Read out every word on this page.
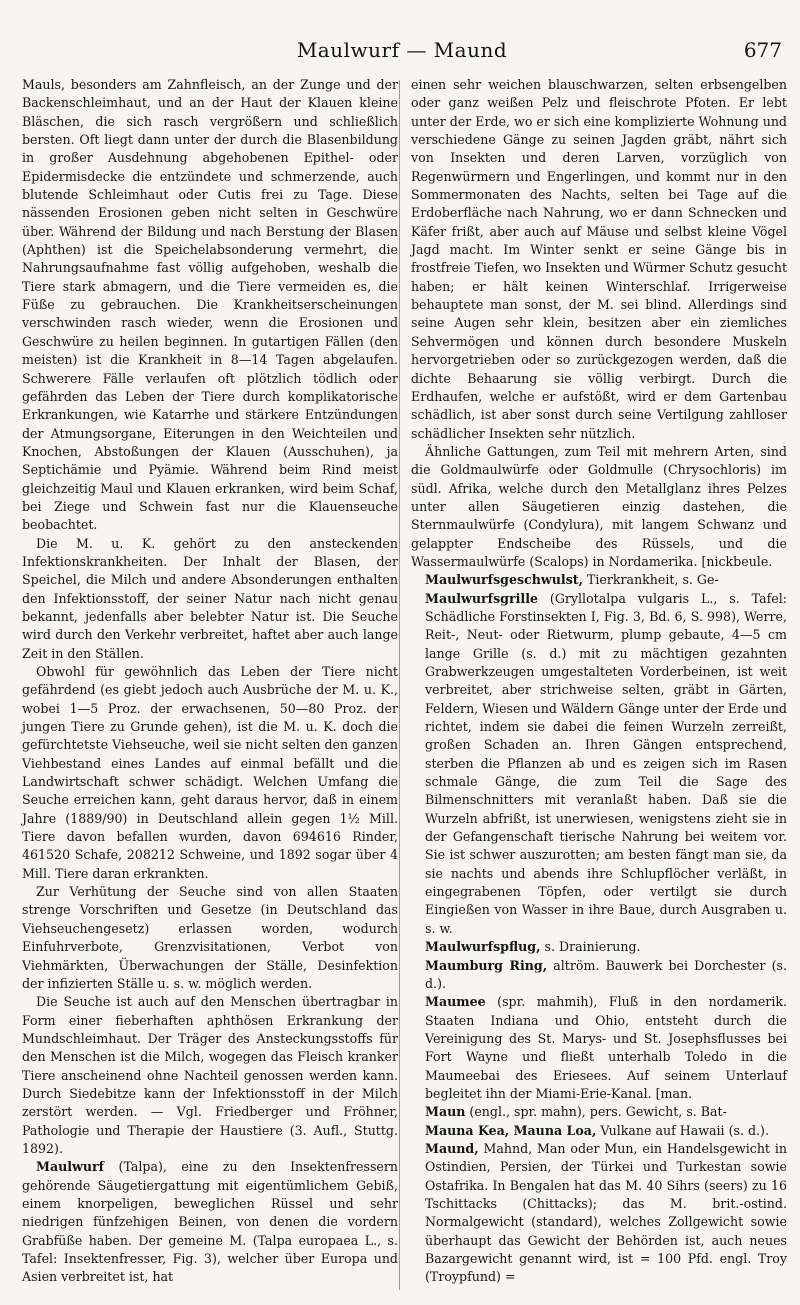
Maulwurf — Maund	677

Mauls, besonders am Zahnfleisch, an der Zunge und der Backenschleimhaut, und an der Haut der Klauen kleine Bläschen, die sich rasch vergrößern und schließlich bersten. Oft liegt dann unter der durch die Blasenbildung in großer Ausdehnung abgehobenen Epithel- oder Epidermisdecke die entzündete und schmerzende, auch blutende Schleimhaut oder Cutis frei zu Tage. Diese nässenden Erosionen geben nicht selten in Geschwüre über. Während der Bildung und nach Berstung der Blasen (Aphthen) ist die Speichelabsonderung vermehrt, die Nahrungsaufnahme fast völlig aufgehoben, weshalb die Tiere stark abmagern, und die Tiere vermeiden es, die Füße zu gebrauchen. Die Krankheitserscheinungen verschwinden rasch wieder, wenn die Erosionen und Geschwüre zu heilen beginnen. In gutartigen Fällen (den meisten) ist die Krankheit in 8—14 Tagen abgelaufen. Schwerere Fälle verlaufen oft plötzlich tödlich oder gefährden das Leben der Tiere durch komplikatorische Erkrankungen, wie Katarrhe und stärkere Entzündungen der Atmungsorgane, Eiterungen in den Weichteilen und Knochen, Abstoßungen der Klauen (Ausschuhen), ja Septichämie und Pyämie. Während beim Rind meist gleichzeitig Maul und Klauen erkranken, wird beim Schaf, bei Ziege und Schwein fast nur die Klauenseuche beobachtet.

Die M. u. K. gehört zu den ansteckenden Infektionskrankheiten. Der Inhalt der Blasen, der Speichel, die Milch und andere Absonderungen enthalten den Infektionsstoff, der seiner Natur nach nicht genau bekannt, jedenfalls aber belebter Natur ist. Die Seuche wird durch den Verkehr verbreitet, haftet aber auch lange Zeit in den Ställen.

Obwohl für gewöhnlich das Leben der Tiere nicht gefährdend (es giebt jedoch auch Ausbrüche der M. u. K., wobei 1—5 Proz. der erwachsenen, 50—80 Proz. der jungen Tiere zu Grunde gehen), ist die M. u. K. doch die gefürchtetste Viehseuche, weil sie nicht selten den ganzen Viehbestand eines Landes auf einmal befällt und die Landwirtschaft schwer schädigt. Welchen Umfang die Seuche erreichen kann, geht daraus hervor, daß in einem Jahre (1889/90) in Deutschland allein gegen 1½ Mill. Tiere davon befallen wurden, davon 694616 Rinder, 461520 Schafe, 208212 Schweine, und 1892 sogar über 4 Mill. Tiere daran erkrankten.

Zur Verhütung der Seuche sind von allen Staaten strenge Vorschriften und Gesetze (in Deutschland das Viehseuchengesetz) erlassen worden, wodurch Einfuhrverbote, Grenzvisitationen, Verbot von Viehmärkten, Überwachungen der Ställe, Desinfektion der infizierten Ställe u. s. w. möglich werden.

Die Seuche ist auch auf den Menschen übertragbar in Form einer fieberhaften aphthösen Erkrankung der Mundschleimhaut. Der Träger des Ansteckungsstoffs für den Menschen ist die Milch, wogegen das Fleisch kranker Tiere anscheinend ohne Nachteil genossen werden kann. Durch Siedebitze kann der Infektionsstoff in der Milch zerstört werden. — Vgl. Friedberger und Fröhner, Pathologie und Therapie der Haustiere (3. Aufl., Stuttg. 1892).

Maulwurf (Talpa), eine zu den Insektenfressern gehörende Säugetiergattung mit eigentümlichem Gebiß, einem knorpeligen, beweglichen Rüssel und sehr niedrigen fünfzehigen Beinen, von denen die vordern Grabfüße haben. Der gemeine M. (Talpa europaea L., s. Tafel: Insektenfresser, Fig. 3), welcher über Europa und Asien verbreitet ist, hat

einen sehr weichen blauschwarzen, selten erbsengelben oder ganz weißen Pelz und fleischrote Pfoten. Er lebt unter der Erde, wo er sich eine komplizierte Wohnung und verschiedene Gänge zu seinen Jagden gräbt, nährt sich von Insekten und deren Larven, vorzüglich von Regenwürmern und Engerlingen, und kommt nur in den Sommermonaten des Nachts, selten bei Tage auf die Erdoberfläche nach Nahrung, wo er dann Schnecken und Käfer frißt, aber auch auf Mäuse und selbst kleine Vögel Jagd macht. Im Winter senkt er seine Gänge bis in frostfreie Tiefen, wo Insekten und Würmer Schutz gesucht haben; er hält keinen Winterschlaf. Irrigerweise behauptete man sonst, der M. sei blind. Allerdings sind seine Augen sehr klein, besitzen aber ein ziemliches Sehvermögen und können durch besondere Muskeln hervorgetrieben oder so zurückgezogen werden, daß die dichte Behaarung sie völlig verbirgt. Durch die Erdhaufen, welche er aufstößt, wird er dem Gartenbau schädlich, ist aber sonst durch seine Vertilgung zahlloser schädlicher Insekten sehr nützlich.

Ähnliche Gattungen, zum Teil mit mehrern Arten, sind die Goldmaulwürfe oder Goldmulle (Chrysochloris) im südl. Afrika, welche durch den Metallglanz ihres Pelzes unter allen Säugetieren einzig dastehen, die Sternmaulwürfe (Condylura), mit langem Schwanz und gelappter Endscheibe des Rüssels, und die Wassermaulwürfe (Scalops) in Nordamerika. [nickbeule.

Maulwurfsgeschwulst, Tierkrankheit, s. Ge-

Maulwurfsgrille (Gryllotalpa vulgaris L., s. Tafel: Schädliche Forstinsekten I, Fig. 3, Bd. 6, S. 998), Werre, Reit-, Neut- oder Rietwurm, plump gebaute, 4—5 cm lange Grille (s. d.) mit zu mächtigen gezahnten Grabwerkzeugen umgestalteten Vorderbeinen, ist weit verbreitet, aber strichweise selten, gräbt in Gärten, Feldern, Wiesen und Wäldern Gänge unter der Erde und richtet, indem sie dabei die feinen Wurzeln zerreißt, großen Schaden an. Ihren Gängen entsprechend, sterben die Pflanzen ab und es zeigen sich im Rasen schmale Gänge, die zum Teil die Sage des Bilmenschnitters mit veranlaßt haben. Daß sie die Wurzeln abfrißt, ist unerwiesen, wenigstens zieht sie in der Gefangenschaft tierische Nahrung bei weitem vor. Sie ist schwer auszurotten; am besten fängt man sie, da sie nachts und abends ihre Schlupflöcher verläßt, in eingegrabenen Töpfen, oder vertilgt sie durch Eingießen von Wasser in ihre Baue, durch Ausgraben u. s. w.

Maulwurfspflug, s. Drainierung.

Maumburg Ring, altröm. Bauwerk bei Dorchester (s. d.).

Maumee (spr. mahmih), Fluß in den nordamerik. Staaten Indiana und Ohio, entsteht durch die Vereinigung des St. Marys- und St. Josephsflusses bei Fort Wayne und fließt unterhalb Toledo in die Maumeebai des Eriesees. Auf seinem Unterlauf begleitet ihn der Miami-Erie-Kanal. [man.

Maun (engl., spr. mahn), pers. Gewicht, s. Bat-

Mauna Kea, Mauna Loa, Vulkane auf Hawaii (s. d.).

Maund, Mahnd, Man oder Mun, ein Handelsgewicht in Ostindien, Persien, der Türkei und Turkestan sowie Ostafrika. In Bengalen hat das M. 40 Sihrs (seers) zu 16 Tschittacks (Chittacks); das M. brit.-ostind. Normalgewicht (standard), welches Zollgewicht sowie überhaupt das Gewicht der Behörden ist, auch neues Bazargewicht genannt wird, ist = 100 Pfd. engl. Troy (Troypfund) =
